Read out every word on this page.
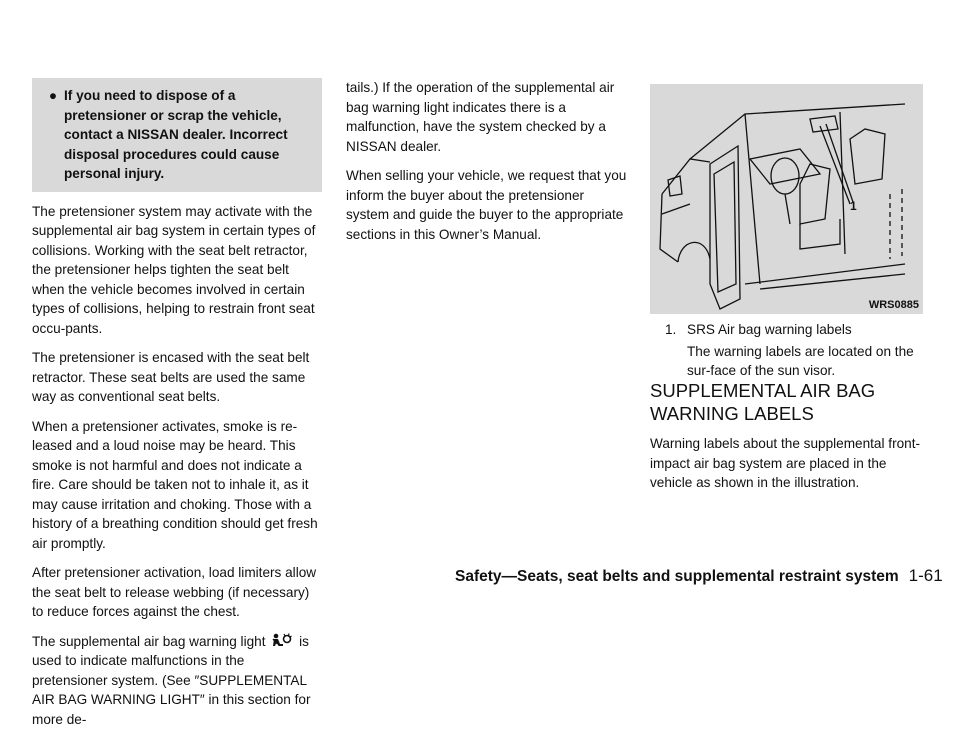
● If you need to dispose of a pretensioner or scrap the vehicle, contact a NISSAN dealer. Incorrect disposal procedures could cause personal injury.

The pretensioner system may activate with the supplemental air bag system in certain types of collisions. Working with the seat belt retractor, the pretensioner helps tighten the seat belt when the vehicle becomes involved in certain types of collisions, helping to restrain front seat occu-pants.

The pretensioner is encased with the seat belt retractor. These seat belts are used the same way as conventional seat belts.

When a pretensioner activates, smoke is re-leased and a loud noise may be heard. This smoke is not harmful and does not indicate a fire. Care should be taken not to inhale it, as it may cause irritation and choking. Those with a history of a breathing condition should get fresh air promptly.

After pretensioner activation, load limiters allow the seat belt to release webbing (if necessary) to reduce forces against the chest.

The supplemental air bag warning light is used to indicate malfunctions in the pretensioner system. (See ″SUPPLEMENTAL AIR BAG WARNING LIGHT″ in this section for more de-

tails.) If the operation of the supplemental air bag warning light indicates there is a malfunction, have the system checked by a NISSAN dealer.

When selling your vehicle, we request that you inform the buyer about the pretensioner system and guide the buyer to the appropriate sections in this Owner’s Manual.

1
WRS0885
1. SRS Air bag warning labels
The warning labels are located on the sur-face of the sun visor.
SUPPLEMENTAL AIR BAG
WARNING LABELS
Warning labels about the supplemental front-impact air bag system are placed in the vehicle as shown in the illustration.
Safety—Seats, seat belts and supplemental restraint system 1-61
